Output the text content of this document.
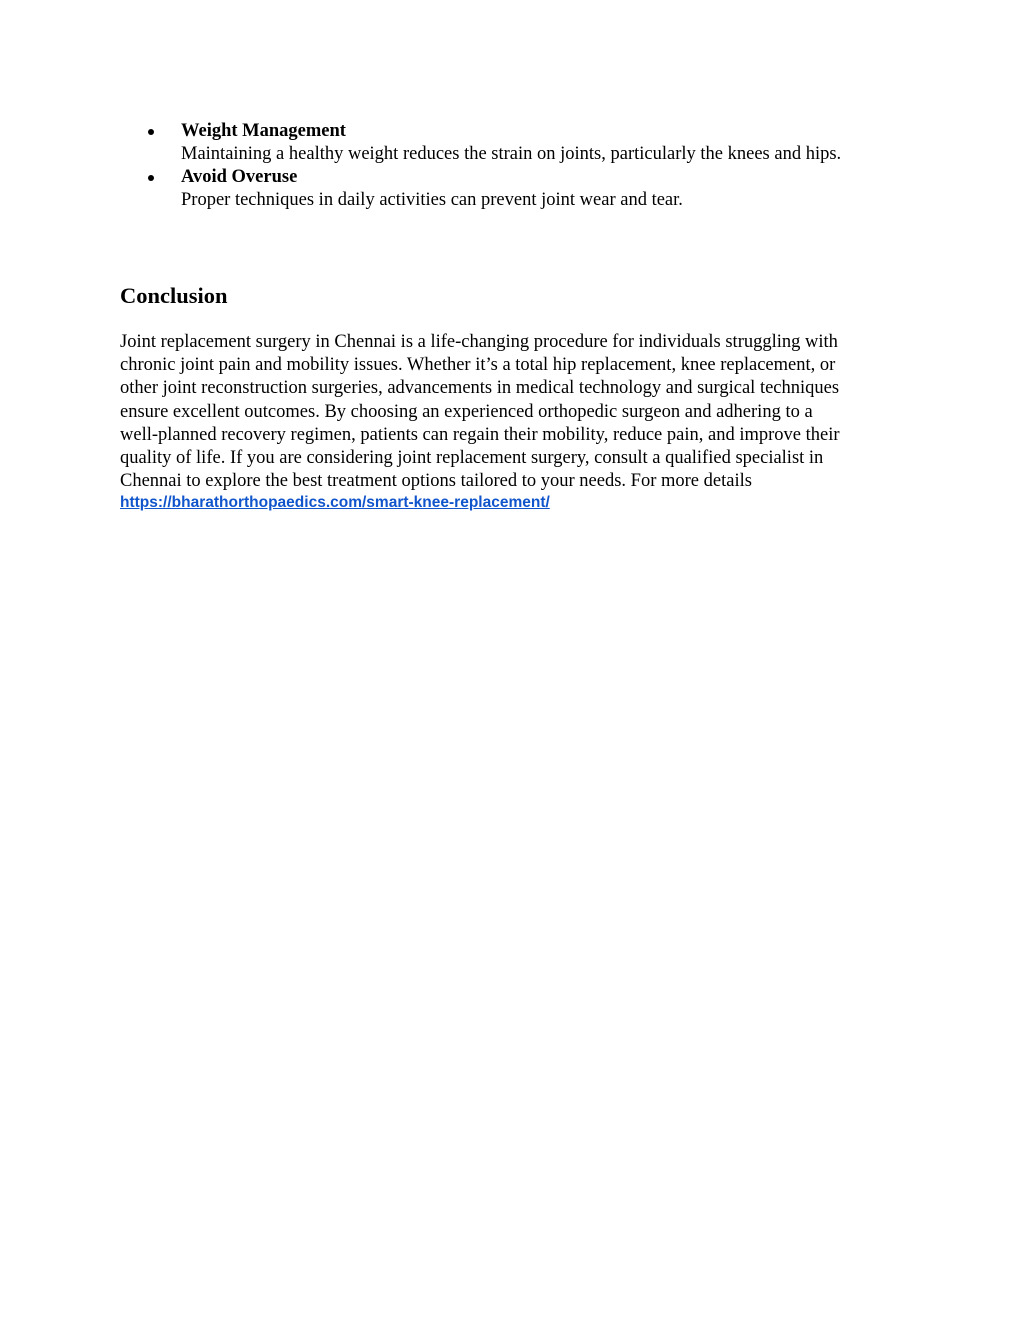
Weight Management
Maintaining a healthy weight reduces the strain on joints, particularly the knees and hips.
Avoid Overuse
Proper techniques in daily activities can prevent joint wear and tear.
Conclusion
Joint replacement surgery in Chennai is a life-changing procedure for individuals struggling with
chronic joint pain and mobility issues. Whether it’s a total hip replacement, knee replacement, or
other joint reconstruction surgeries, advancements in medical technology and surgical techniques
ensure excellent outcomes. By choosing an experienced orthopedic surgeon and adhering to a
well-planned recovery regimen, patients can regain their mobility, reduce pain, and improve their
quality of life. If you are considering joint replacement surgery, consult a qualified specialist in
Chennai to explore the best treatment options tailored to your needs. For more details
https://bharathorthopaedics.com/smart-knee-replacement/
